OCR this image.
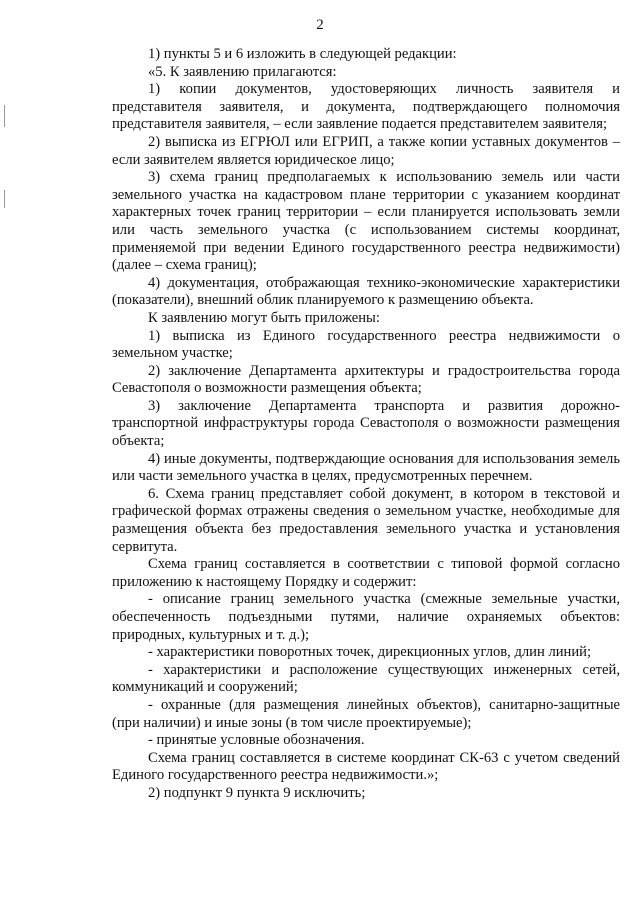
2

1) пункты 5 и 6 изложить в следующей редакции:

«5. К заявлению прилагаются:

1) копии документов, удостоверяющих личность заявителя и представителя заявителя, и документа, подтверждающего полномочия представителя заявителя, – если заявление подается представителем заявителя;

2) выписка из ЕГРЮЛ или ЕГРИП, а также копии уставных документов – если заявителем является юридическое лицо;

3) схема границ предполагаемых к использованию земель или части земельного участка на кадастровом плане территории с указанием координат характерных точек границ территории – если планируется использовать земли или часть земельного участка (с использованием системы координат, применяемой при ведении Единого государственного реестра недвижимости) (далее – схема границ);

4) документация, отображающая технико-экономические характеристики (показатели), внешний облик планируемого к размещению объекта.

К заявлению могут быть приложены:

1) выписка из Единого государственного реестра недвижимости о земельном участке;

2) заключение Департамента архитектуры и градостроительства города Севастополя о возможности размещения объекта;

3) заключение Департамента транспорта и развития дорожно-транспортной инфраструктуры города Севастополя о возможности размещения объекта;

4) иные документы, подтверждающие основания для использования земель или части земельного участка в целях, предусмотренных перечнем.

6. Схема границ представляет собой документ, в котором в текстовой и графической формах отражены сведения о земельном участке, необходимые для размещения объекта без предоставления земельного участка и установления сервитута.

Схема границ составляется в соответствии с типовой формой согласно приложению к настоящему Порядку и содержит:

- описание границ земельного участка (смежные земельные участки, обеспеченность подъездными путями, наличие охраняемых объектов: природных, культурных и т. д.);

- характеристики поворотных точек, дирекционных углов, длин линий;

- характеристики и расположение существующих инженерных сетей, коммуникаций и сооружений;

- охранные (для размещения линейных объектов), санитарно-защитные (при наличии) и иные зоны (в том числе проектируемые);

- принятые условные обозначения.

Схема границ составляется в системе координат СК-63 с учетом сведений Единого государственного реестра недвижимости.»;

2) подпункт 9 пункта 9 исключить;
